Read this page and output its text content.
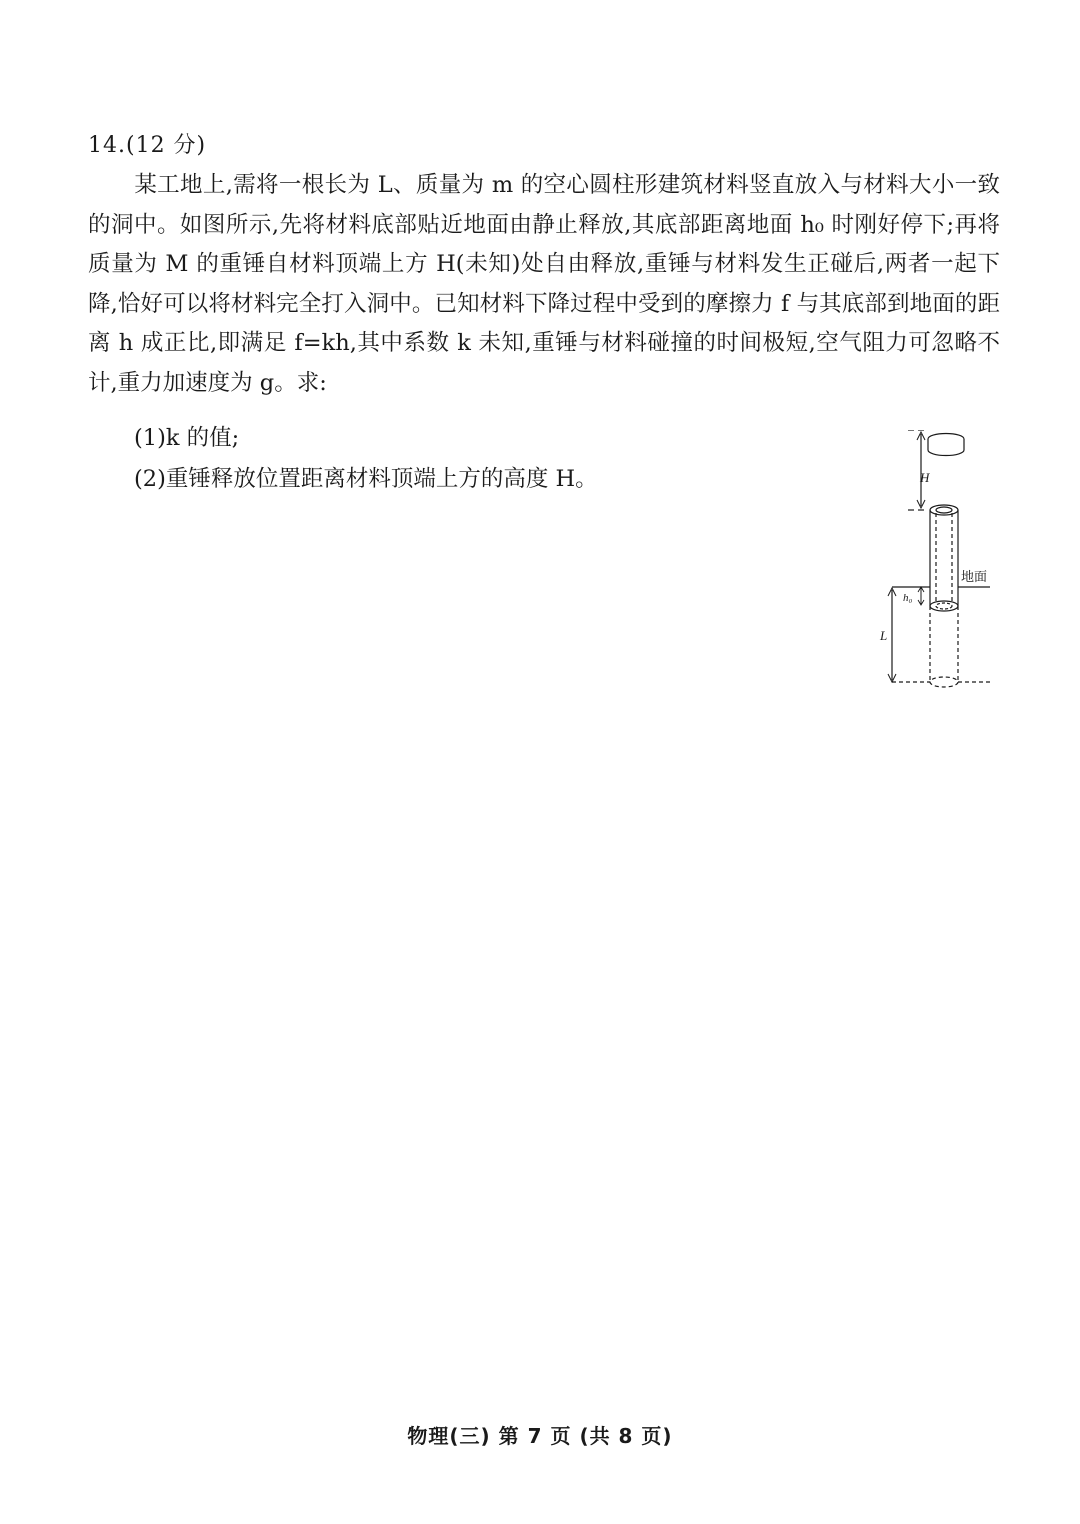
14.(12 分)

某工地上,需将一根长为 L、质量为 m 的空心圆柱形建筑材料竖直放入与材料大小一致的洞中。如图所示,先将材料底部贴近地面由静止释放,其底部距离地面 h₀ 时刚好停下;再将质量为 M 的重锤自材料顶端上方 H(未知)处自由释放,重锤与材料发生正碰后,两者一起下降,恰好可以将材料完全打入洞中。已知材料下降过程中受到的摩擦力 f 与其底部到地面的距离 h 成正比,即满足 f=kh,其中系数 k 未知,重锤与材料碰撞的时间极短,空气阻力可忽略不计,重力加速度为 g。求:

(1)k 的值;
(2)重锤释放位置距离材料顶端上方的高度 H。	H
地面
h₀
L
物理(三) 第 7 页 (共 8 页)
